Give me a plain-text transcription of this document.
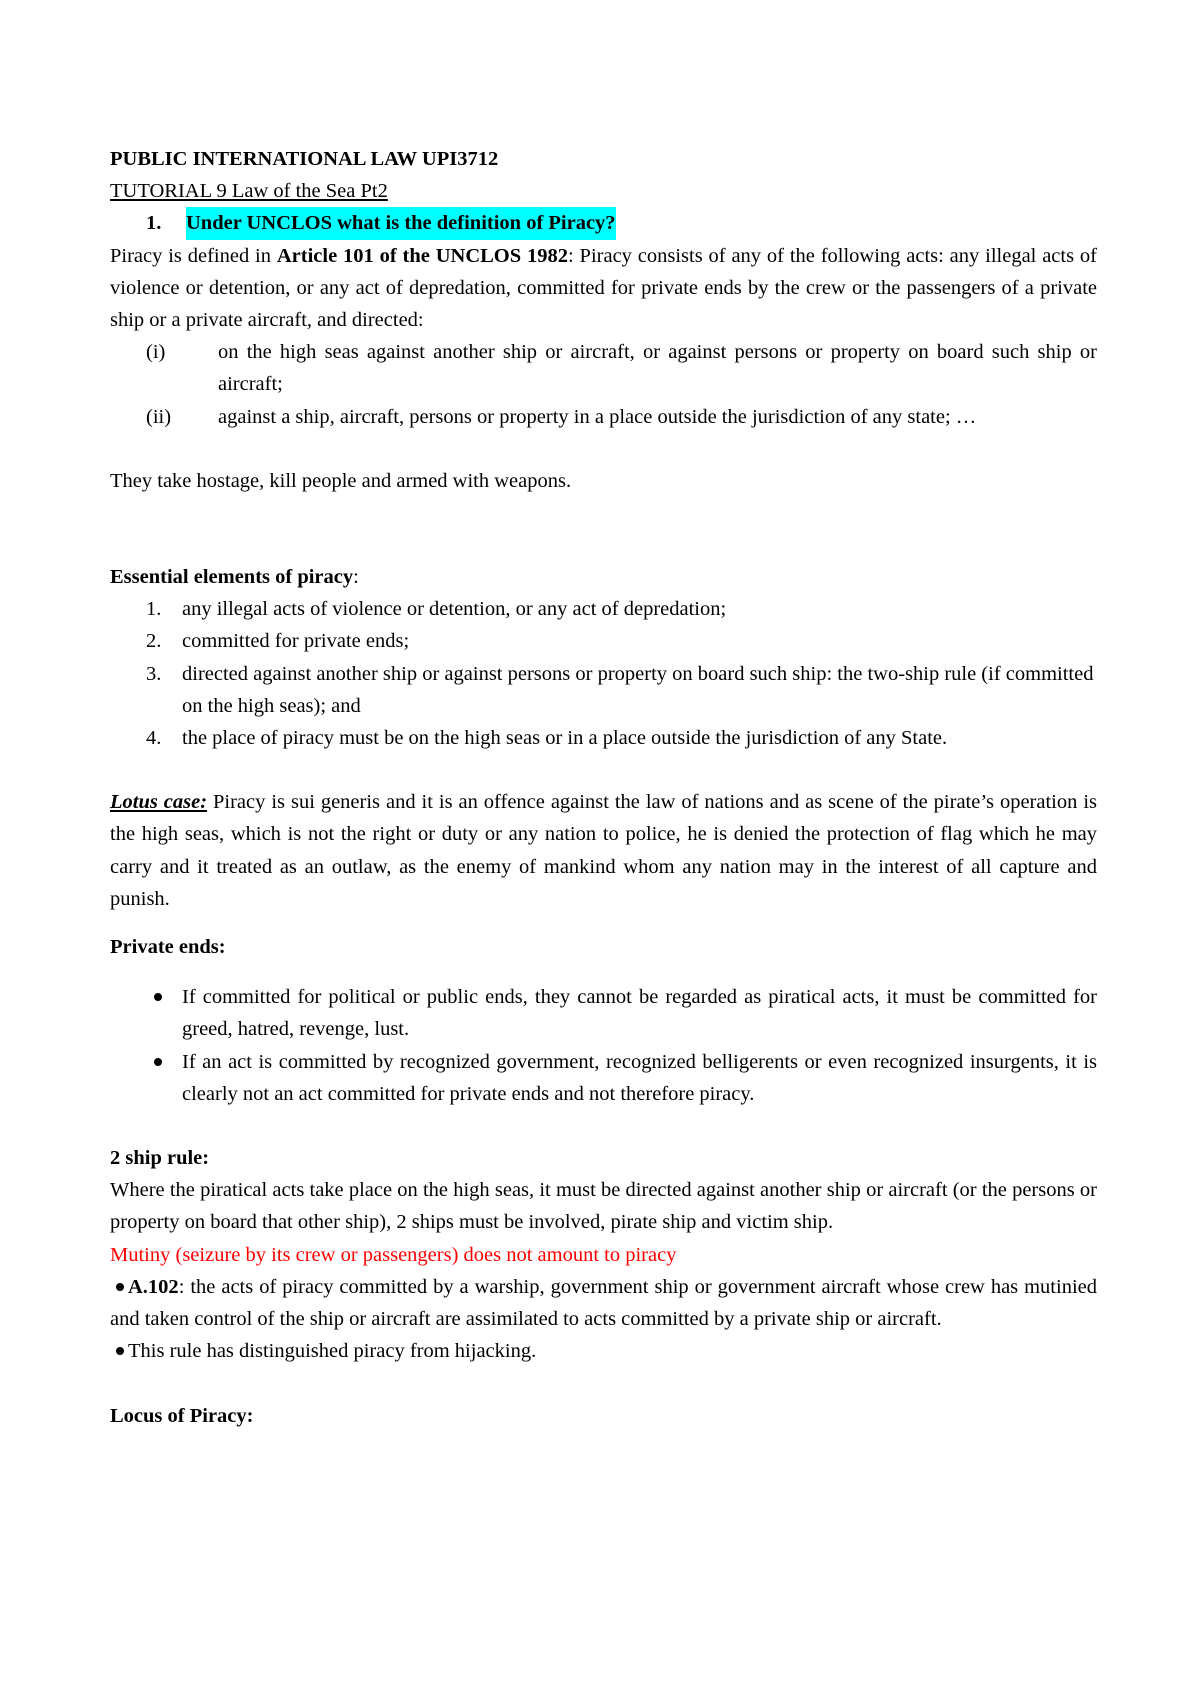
PUBLIC INTERNATIONAL LAW UPI3712

TUTORIAL 9 Law of the Sea Pt2

1.	Under UNCLOS what is the definition of Piracy?

Piracy is defined in Article 101 of the UNCLOS 1982: Piracy consists of any of the following acts: any illegal acts of violence or detention, or any act of depredation, committed for private ends by the crew or the passengers of a private ship or a private aircraft, and directed:

(i)	on the high seas against another ship or aircraft, or against persons or property on board such ship or aircraft;
(ii)	against a ship, aircraft, persons or property in a place outside the jurisdiction of any state; …

They take hostage, kill people and armed with weapons.

Essential elements of piracy:

1.	any illegal acts of violence or detention, or any act of depredation;
2.	committed for private ends;
3.	directed against another ship or against persons or property on board such ship: the two-ship rule (if committed on the high seas); and
4.	the place of piracy must be on the high seas or in a place outside the jurisdiction of any State.

Lotus case: Piracy is sui generis and it is an offence against the law of nations and as scene of the pirate’s operation is the high seas, which is not the right or duty or any nation to police, he is denied the protection of flag which he may carry and it treated as an outlaw, as the enemy of mankind whom any nation may in the interest of all capture and punish.

Private ends:

If committed for political or public ends, they cannot be regarded as piratical acts, it must be committed for greed, hatred, revenge, lust.
If an act is committed by recognized government, recognized belligerents or even recognized insurgents, it is clearly not an act committed for private ends and not therefore piracy.

2 ship rule:

Where the piratical acts take place on the high seas, it must be directed against another ship or aircraft (or the persons or property on board that other ship), 2 ships must be involved, pirate ship and victim ship.

Mutiny (seizure by its crew or passengers) does not amount to piracy

A.102: the acts of piracy committed by a warship, government ship or government aircraft whose crew has mutinied and taken control of the ship or aircraft are assimilated to acts committed by a private ship or aircraft.

This rule has distinguished piracy from hijacking.

Locus of Piracy:
